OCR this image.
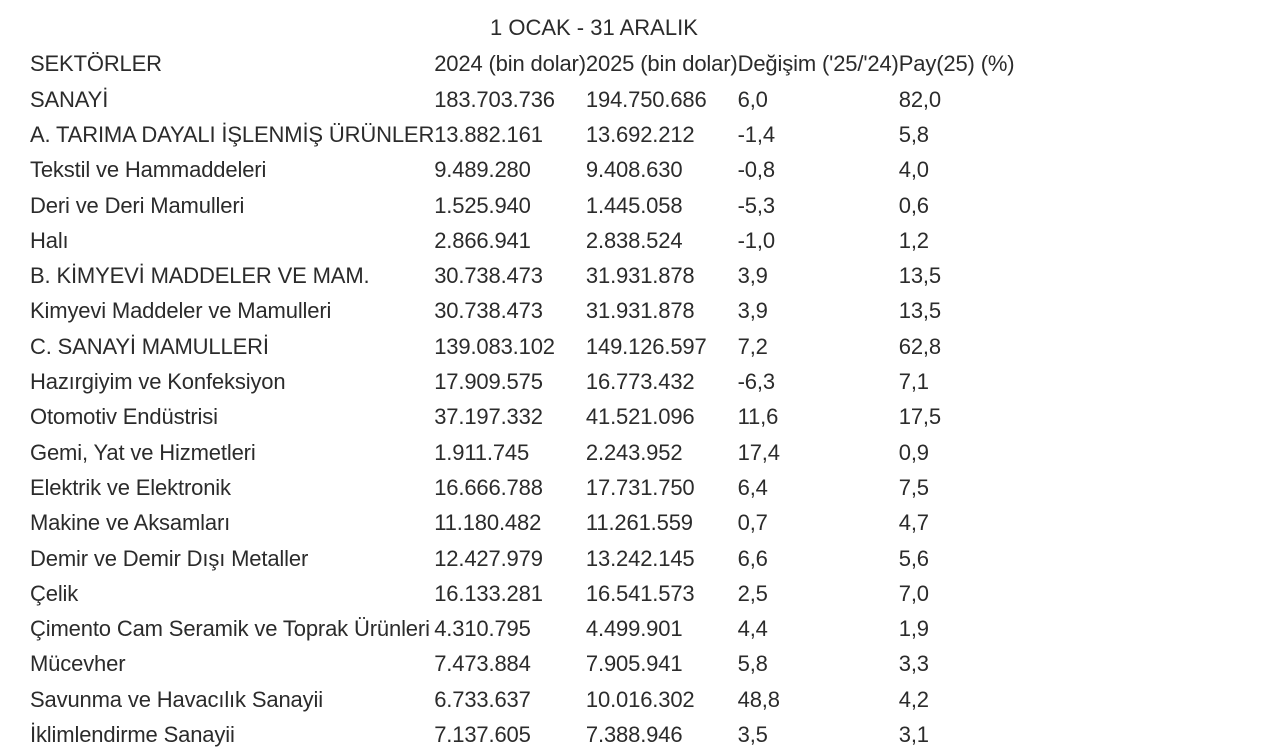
1 OCAK - 31 ARALIK
SEKTÖRLER	2024 (bin dolar)	2025 (bin dolar)	Değişim ('25/'24)	Pay(25) (%)
SANAYİ	183.703.736	194.750.686	6,0	82,0
A. TARIMA DAYALI İŞLENMİŞ ÜRÜNLER	13.882.161	13.692.212	-1,4	5,8
Tekstil ve Hammaddeleri	9.489.280	9.408.630	-0,8	4,0
Deri ve Deri Mamulleri	1.525.940	1.445.058	-5,3	0,6
Halı	2.866.941	2.838.524	-1,0	1,2
B. KİMYEVİ MADDELER VE MAM.	30.738.473	31.931.878	3,9	13,5
Kimyevi Maddeler ve Mamulleri	30.738.473	31.931.878	3,9	13,5
C. SANAYİ MAMULLERİ	139.083.102	149.126.597	7,2	62,8
Hazırgiyim ve Konfeksiyon	17.909.575	16.773.432	-6,3	7,1
Otomotiv Endüstrisi	37.197.332	41.521.096	11,6	17,5
Gemi, Yat ve Hizmetleri	1.911.745	2.243.952	17,4	0,9
Elektrik ve Elektronik	16.666.788	17.731.750	6,4	7,5
Makine ve Aksamları	11.180.482	11.261.559	0,7	4,7
Demir ve Demir Dışı Metaller	12.427.979	13.242.145	6,6	5,6
Çelik	16.133.281	16.541.573	2,5	7,0
Çimento Cam Seramik ve Toprak Ürünleri	4.310.795	4.499.901	4,4	1,9
Mücevher	7.473.884	7.905.941	5,8	3,3
Savunma ve Havacılık Sanayii	6.733.637	10.016.302	48,8	4,2
İklimlendirme Sanayii	7.137.605	7.388.946	3,5	3,1
